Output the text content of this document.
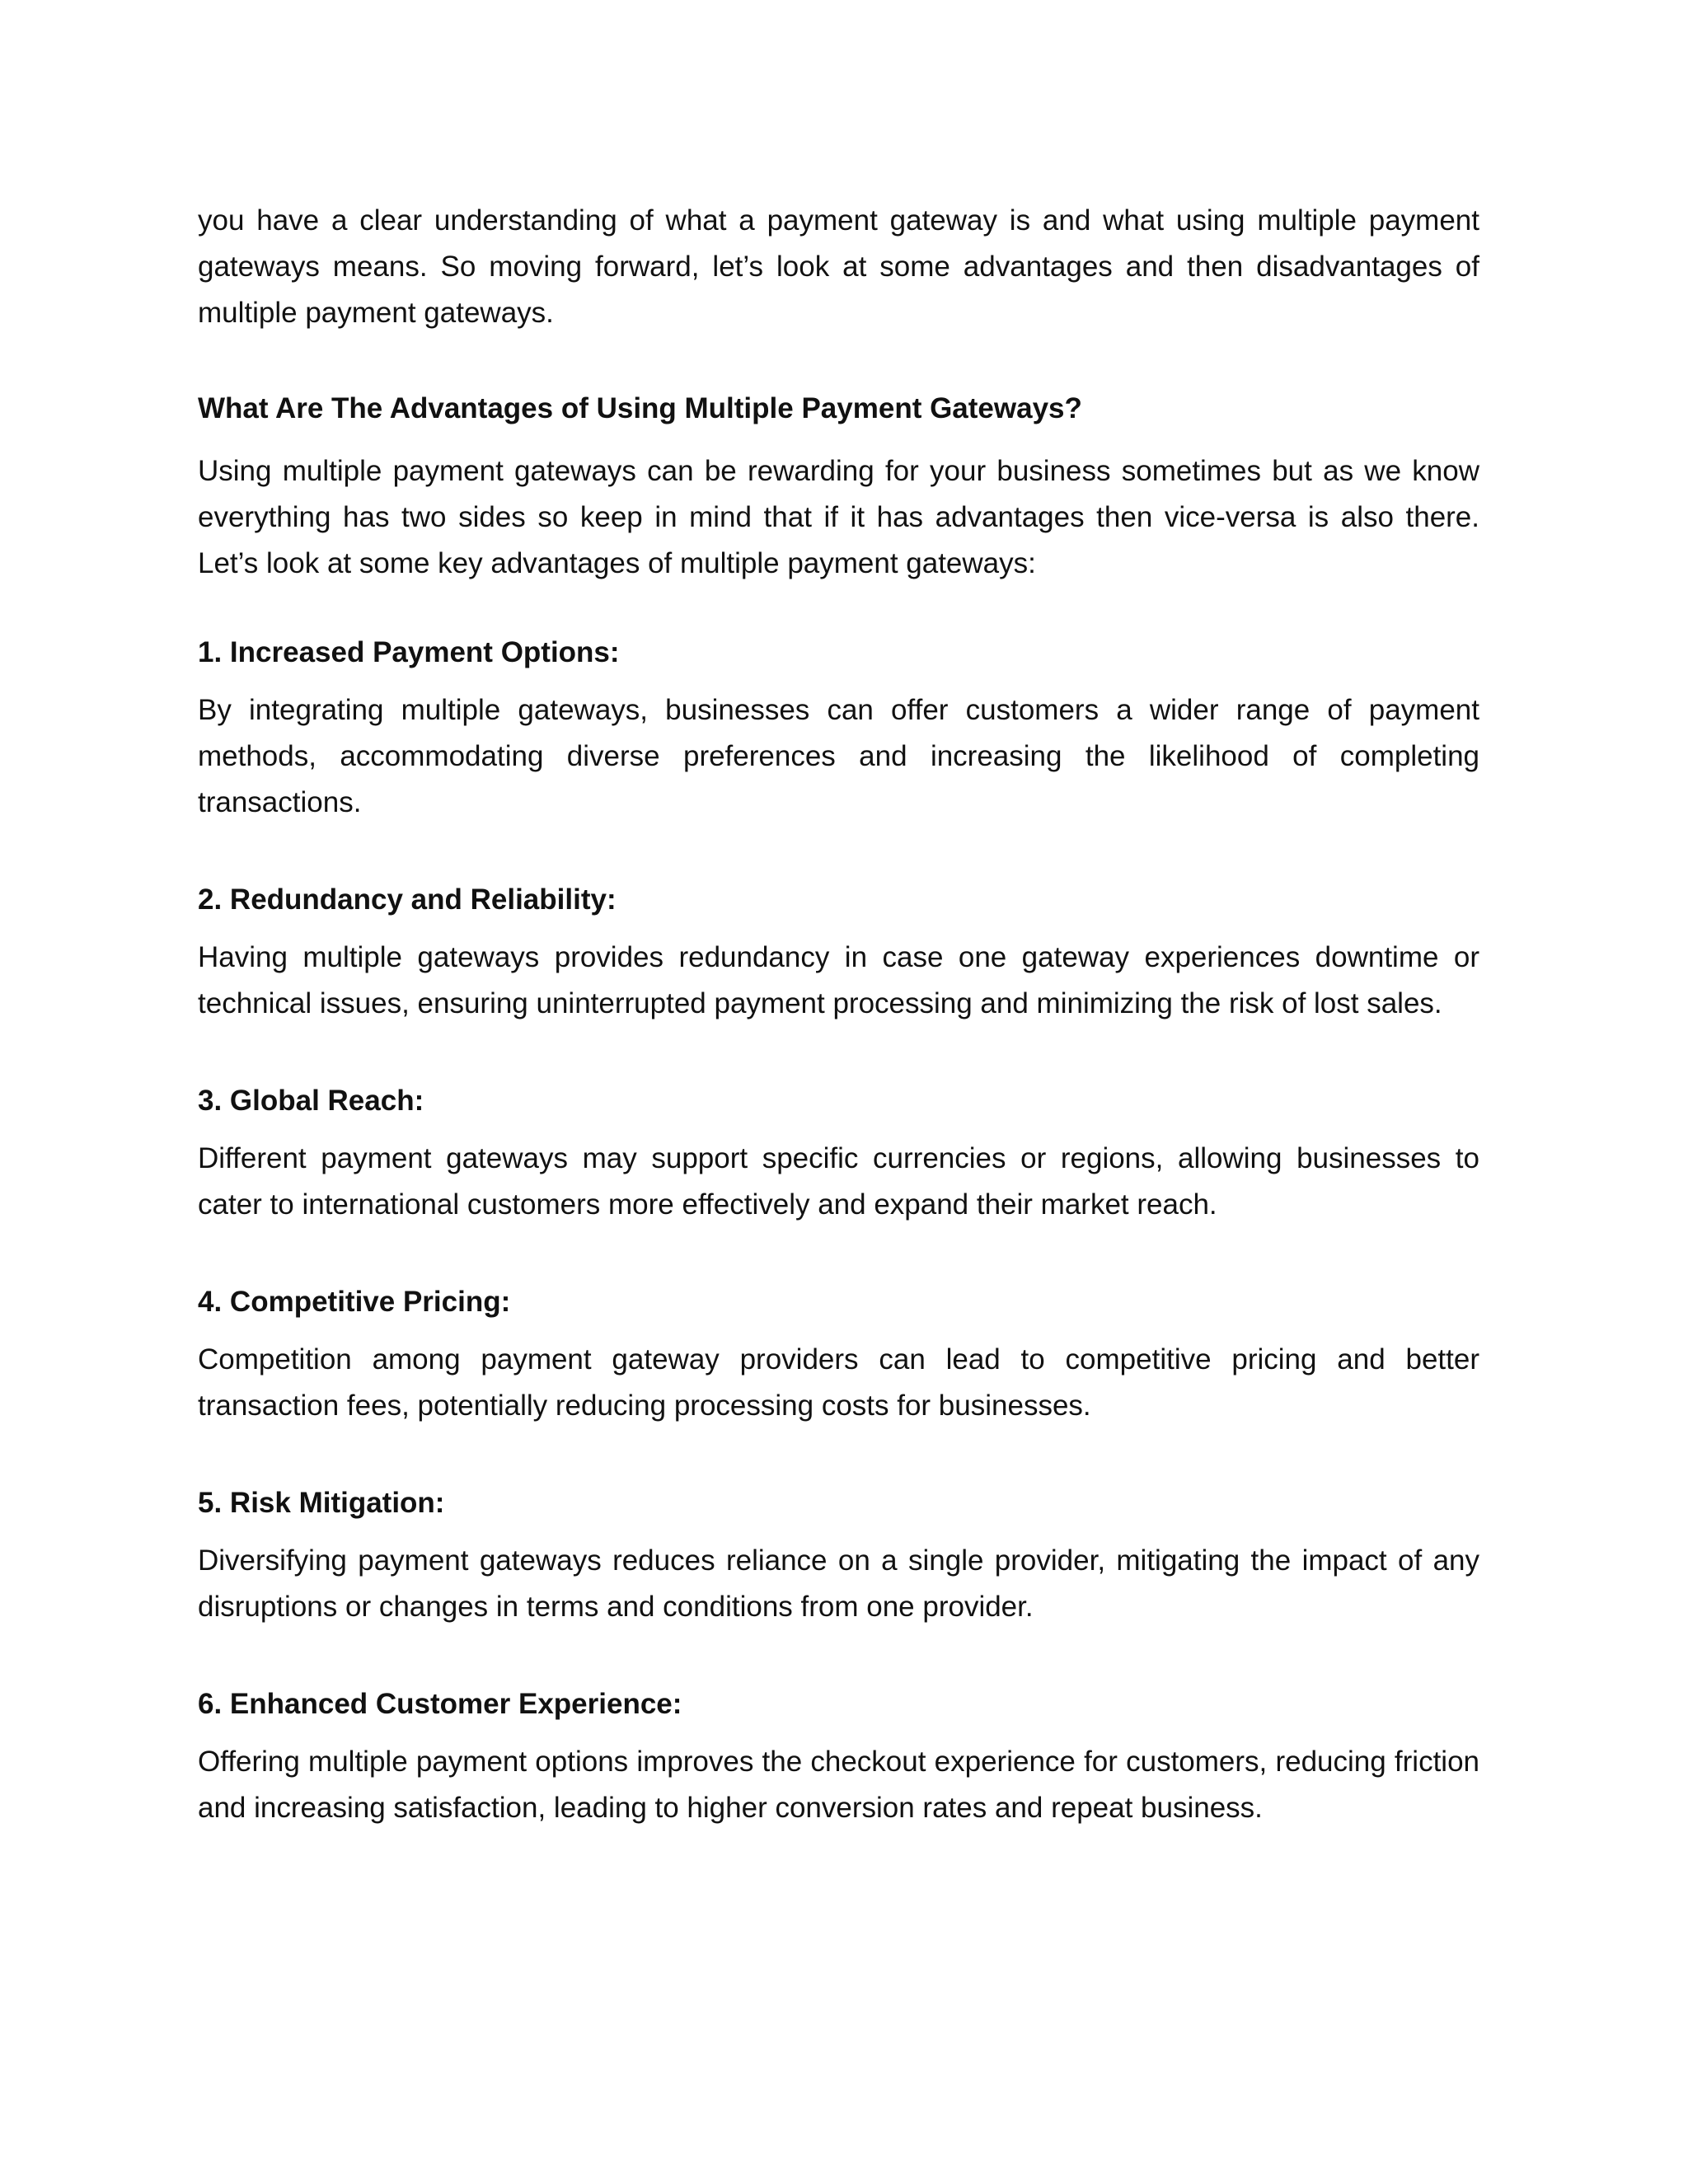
you have a clear understanding of what a payment gateway is and what using multiple payment gateways means. So moving forward, let’s look at some advantages and then disadvantages of multiple payment gateways.

What Are The Advantages of Using Multiple Payment Gateways?

Using multiple payment gateways can be rewarding for your business sometimes but as we know everything has two sides so keep in mind that if it has advantages then vice-versa is also there. Let’s look at some key advantages of multiple payment gateways:

1. Increased Payment Options:

By integrating multiple gateways, businesses can offer customers a wider range of payment methods, accommodating diverse preferences and increasing the likelihood of completing transactions.

2. Redundancy and Reliability:

Having multiple gateways provides redundancy in case one gateway experiences downtime or technical issues, ensuring uninterrupted payment processing and minimizing the risk of lost sales.

3. Global Reach:

Different payment gateways may support specific currencies or regions, allowing businesses to cater to international customers more effectively and expand their market reach.

4. Competitive Pricing:

Competition among payment gateway providers can lead to competitive pricing and better transaction fees, potentially reducing processing costs for businesses.

5. Risk Mitigation:

Diversifying payment gateways reduces reliance on a single provider, mitigating the impact of any disruptions or changes in terms and conditions from one provider.

6. Enhanced Customer Experience:

Offering multiple payment options improves the checkout experience for customers, reducing friction and increasing satisfaction, leading to higher conversion rates and repeat business.
